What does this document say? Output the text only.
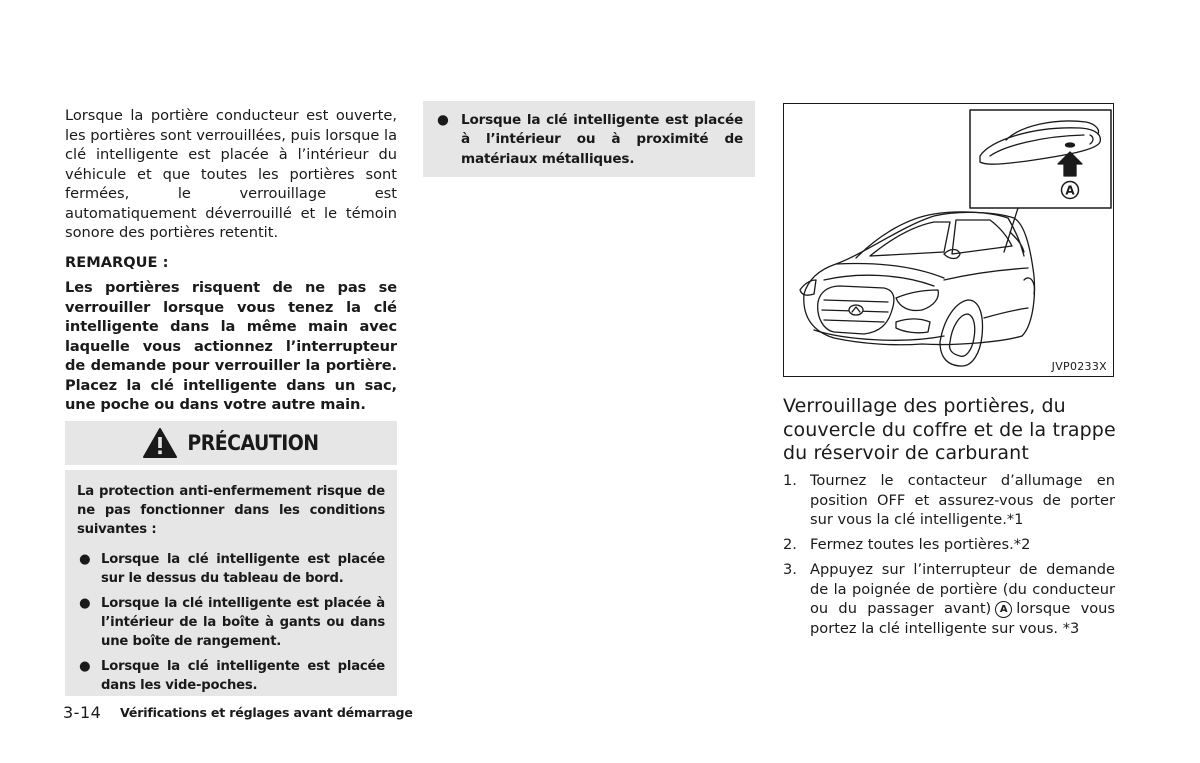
Lorsque la portière conducteur est ouverte, les portières sont verrouillées, puis lorsque la clé intelligente est placée à l’intérieur du véhicule et que toutes les portières sont fermées, le verrouillage est automatiquement déverrouillé et le témoin sonore des portières retentit.

REMARQUE :

Les portières risquent de ne pas se verrouiller lorsque vous tenez la clé intelligente dans la même main avec laquelle vous actionnez l’interrupteur de demande pour verrouiller la portière. Placez la clé intelligente dans un sac, une poche ou dans votre autre main.

PRÉCAUTION

La protection anti-enfermement risque de ne pas fonctionner dans les conditions suivantes :

● Lorsque la clé intelligente est placée sur le dessus du tableau de bord.
● Lorsque la clé intelligente est placée à l’intérieur de la boîte à gants ou dans une boîte de rangement.
● Lorsque la clé intelligente est placée dans les vide-poches.
3-14 Vérifications et réglages avant démarrage
● Lorsque la clé intelligente est placée à l’intérieur ou à proximité de matériaux métalliques.
A
JVP0233X

Verrouillage des portières, du couvercle du coffre et de la trappe du réservoir de carburant

1. Tournez le contacteur d’allumage en position OFF et assurez-vous de porter sur vous la clé intelligente.*1

2. Fermez toutes les portières.*2

3. Appuyez sur l’interrupteur de demande de la poignée de portière (du conducteur ou du passager avant) A lorsque vous portez la clé intelligente sur vous. *3
